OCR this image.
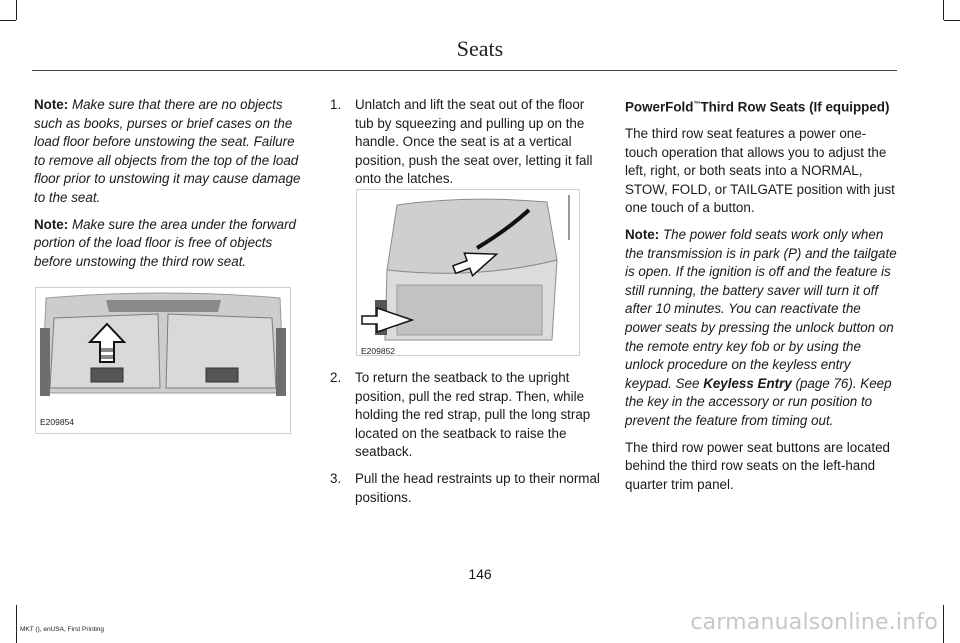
Seats

Note: Make sure that there are no objects such as books, purses or brief cases on the load floor before unstowing the seat. Failure to remove all objects from the top of the load floor prior to unstowing it may cause damage to the seat.

Note: Make sure the area under the forward portion of the load floor is free of objects before unstowing the third row seat.

E209854
1. Unlatch and lift the seat out of the floor tub by squeezing and pulling up on the handle. Once the seat is at a vertical position, push the seat over, letting it fall onto the latches.
E209852
2. To return the seatback to the upright position, pull the red strap. Then, while holding the red strap, pull the long strap located on the seatback to raise the seatback.
3. Pull the head restraints up to their normal positions.

PowerFold™Third Row Seats (If equipped)

The third row seat features a power one-touch operation that allows you to adjust the left, right, or both seats into a NORMAL, STOW, FOLD, or TAILGATE position with just one touch of a button.

Note: The power fold seats work only when the transmission is in park (P) and the tailgate is open. If the ignition is off and the feature is still running, the battery saver will turn it off after 10 minutes. You can reactivate the power seats by pressing the unlock button on the remote entry key fob or by using the unlock procedure on the keyless entry keypad. See Keyless Entry (page 76). Keep the key in the accessory or run position to prevent the feature from timing out.

The third row power seat buttons are located behind the third row seats on the left-hand quarter trim panel.

146
MKT (), enUSA, First Printing	carmanualsonline.info
